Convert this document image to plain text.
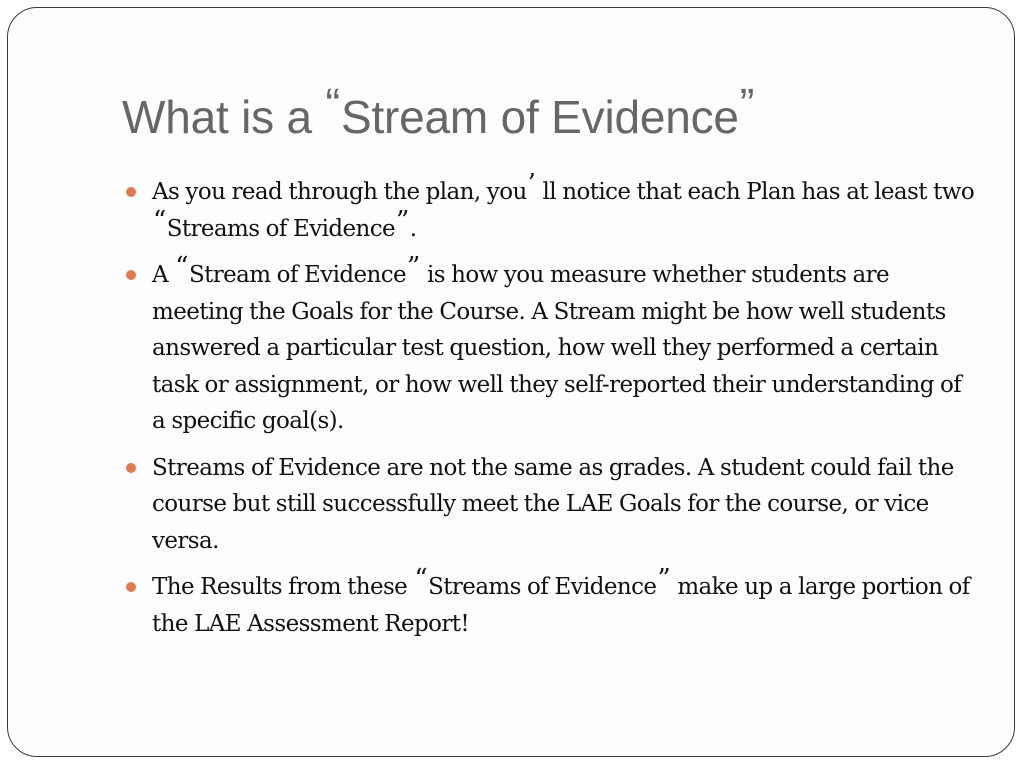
What is a “Stream of Evidence”
As you read through the plan, you’ ll notice that each Plan has at least two “Streams of Evidence”.
A “Stream of Evidence” is how you measure whether students are meeting the Goals for the Course. A Stream might be how well students answered a particular test question, how well they performed a certain task or assignment, or how well they self-reported their understanding of a specific goal(s).
Streams of Evidence are not the same as grades. A student could fail the course but still successfully meet the LAE Goals for the course, or vice versa.
The Results from these “Streams of Evidence” make up a large portion of the LAE Assessment Report!
